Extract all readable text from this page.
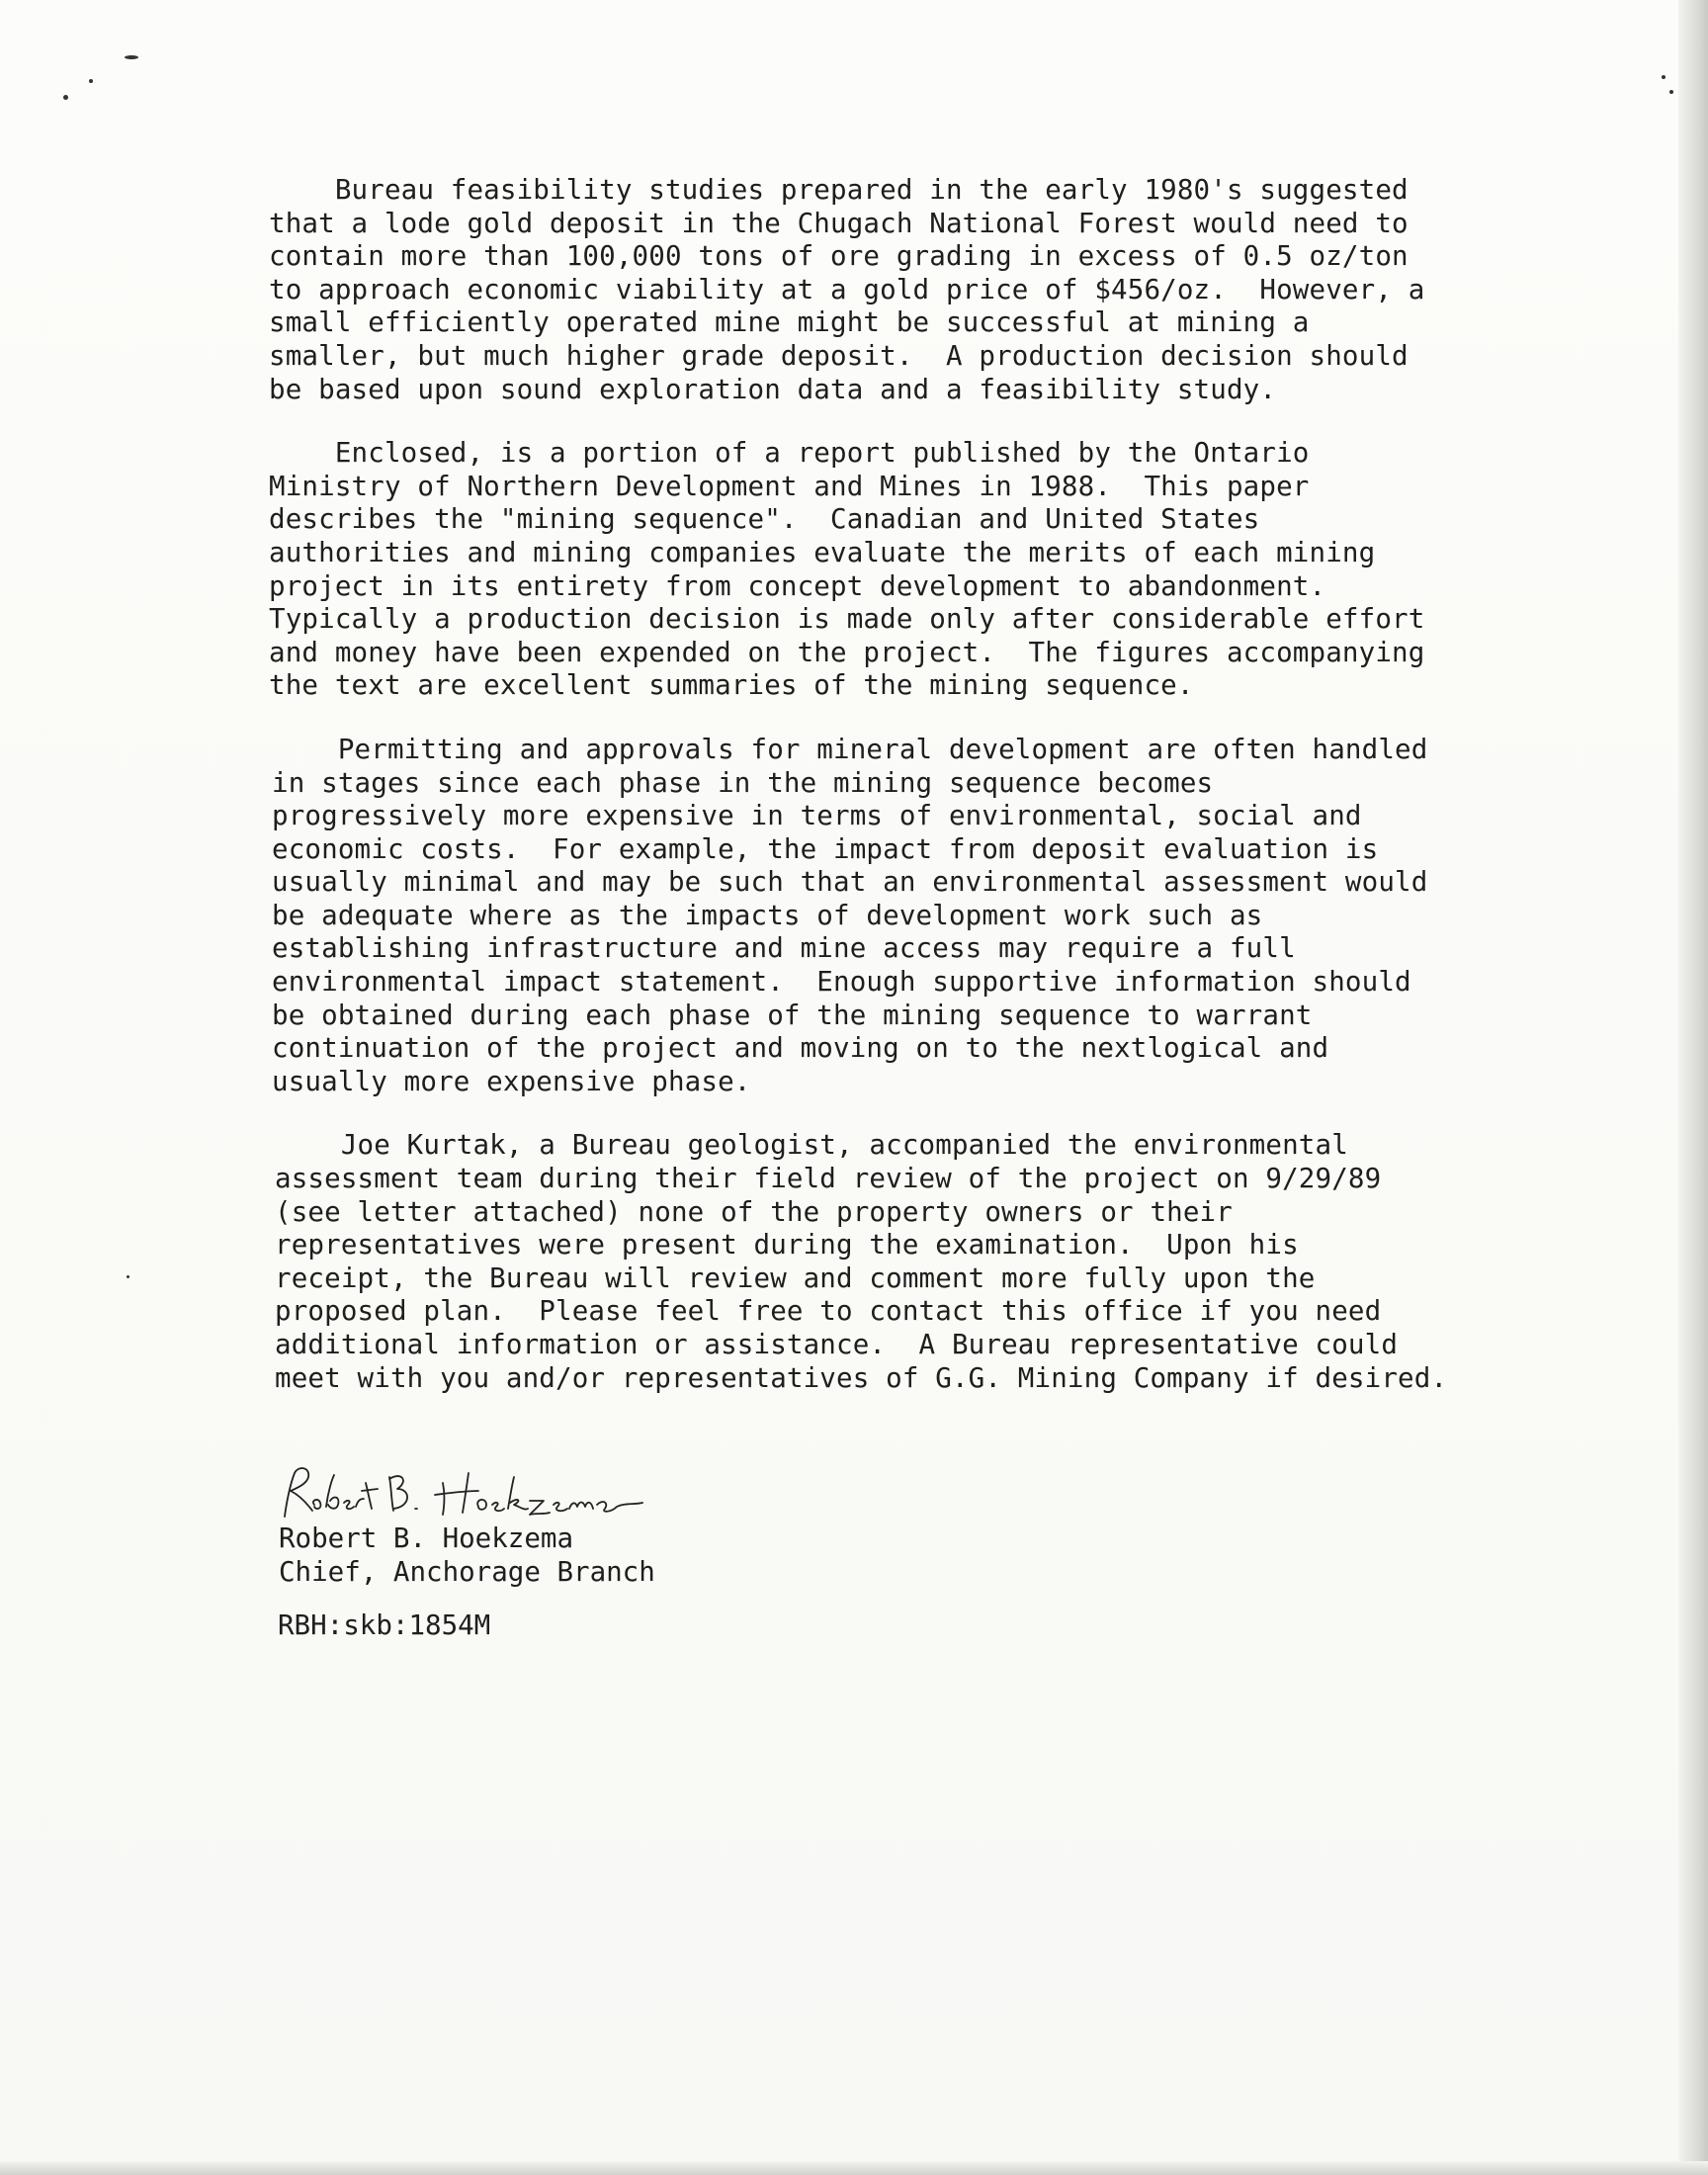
Bureau feasibility studies prepared in the early 1980's suggested
that a lode gold deposit in the Chugach National Forest would need to
contain more than 100,000 tons of ore grading in excess of 0.5 oz/ton
to approach economic viability at a gold price of $456/oz.  However, a
small efficiently operated mine might be successful at mining a
smaller, but much higher grade deposit.  A production decision should
be based upon sound exploration data and a feasibility study.

Enclosed, is a portion of a report published by the Ontario
Ministry of Northern Development and Mines in 1988.  This paper
describes the "mining sequence".  Canadian and United States
authorities and mining companies evaluate the merits of each mining
project in its entirety from concept development to abandonment.
Typically a production decision is made only after considerable effort
and money have been expended on the project.  The figures accompanying
the text are excellent summaries of the mining sequence.

Permitting and approvals for mineral development are often handled
in stages since each phase in the mining sequence becomes
progressively more expensive in terms of environmental, social and
economic costs.  For example, the impact from deposit evaluation is
usually minimal and may be such that an environmental assessment would
be adequate where as the impacts of development work such as
establishing infrastructure and mine access may require a full
environmental impact statement.  Enough supportive information should
be obtained during each phase of the mining sequence to warrant
continuation of the project and moving on to the nextlogical and
usually more expensive phase.

Joe Kurtak, a Bureau geologist, accompanied the environmental
assessment team during their field review of the project on 9/29/89
(see letter attached) none of the property owners or their
representatives were present during the examination.  Upon his
receipt, the Bureau will review and comment more fully upon the
proposed plan.  Please feel free to contact this office if you need
additional information or assistance.  A Bureau representative could
meet with you and/or representatives of G.G. Mining Company if desired.

Robert B. Hoekzema
Chief, Anchorage Branch
RBH:skb:1854M
